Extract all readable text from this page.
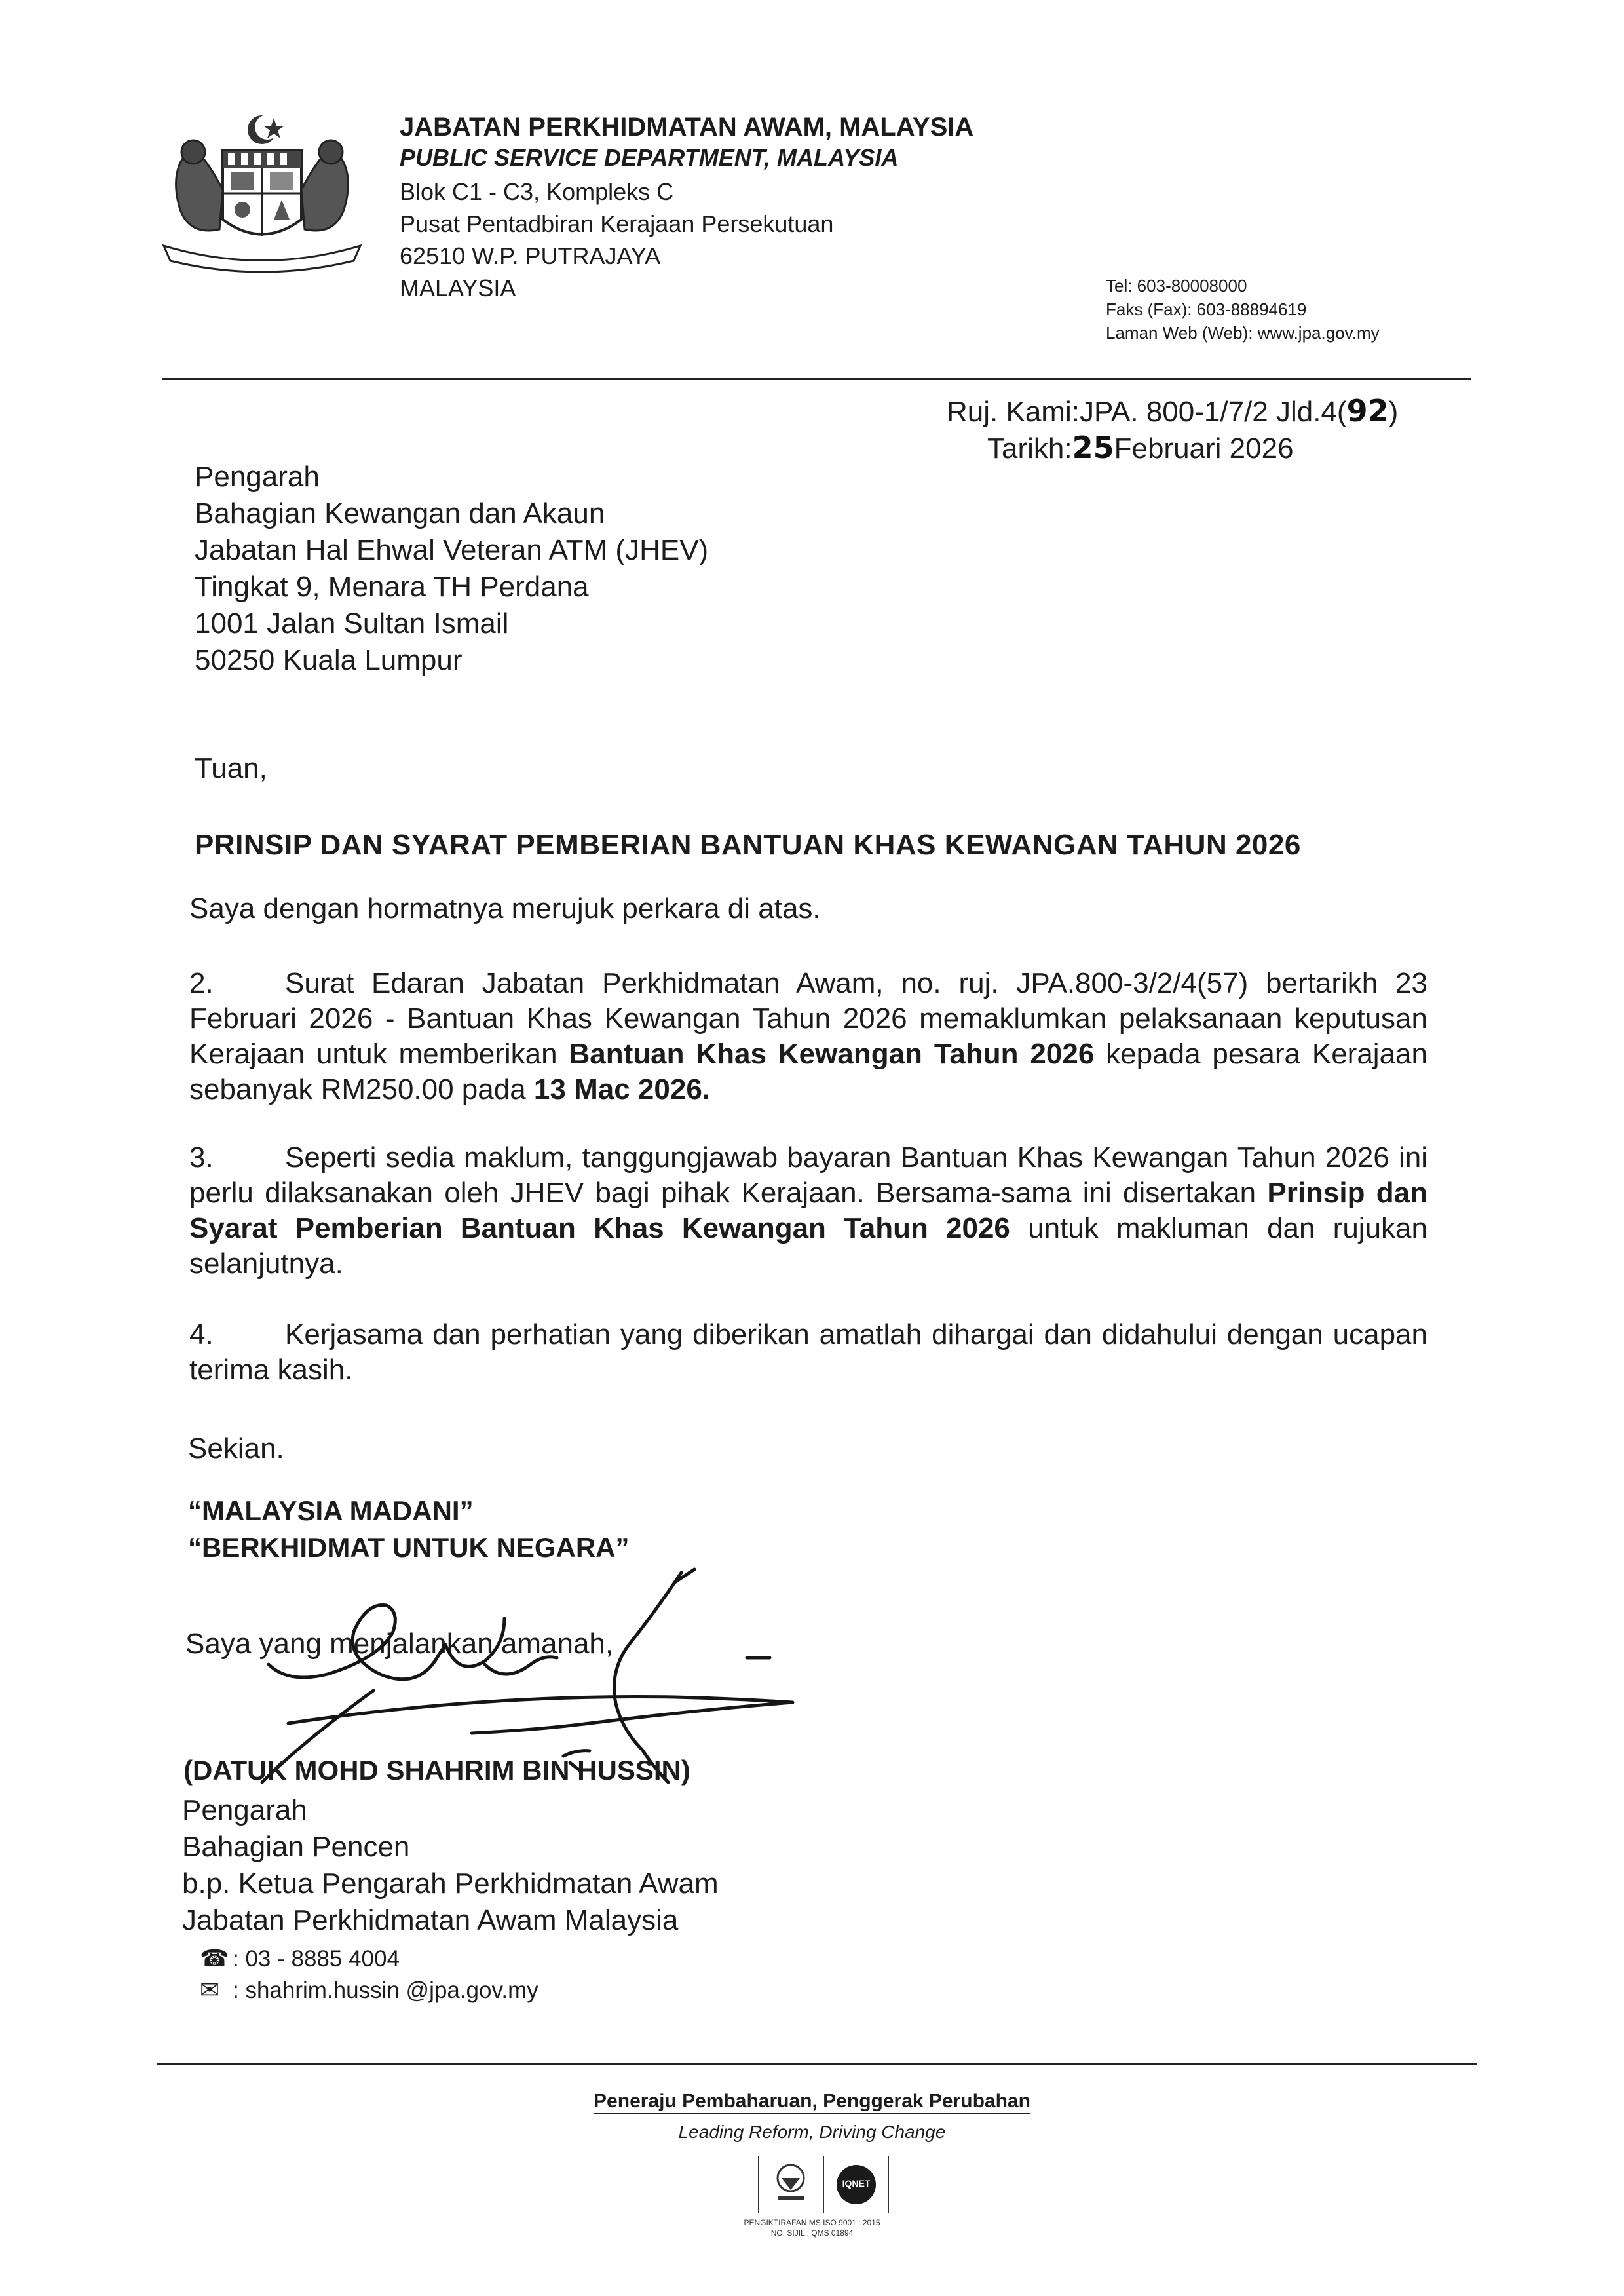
JABATAN PERKHIDMATAN AWAM, MALAYSIA
PUBLIC SERVICE DEPARTMENT, MALAYSIA
Blok C1 - C3, Kompleks C
Pusat Pentadbiran Kerajaan Persekutuan
62510 W.P. PUTRAJAYA
MALAYSIA	Tel: 603-80008000
Faks (Fax): 603-88894619
Laman Web (Web): www.jpa.gov.my
Ruj. Kami:JPA. 800-1/7/2 Jld.4(92)
Tarikh:25Februari 2026
Pengarah
Bahagian Kewangan dan Akaun
Jabatan Hal Ehwal Veteran ATM (JHEV)
Tingkat 9, Menara TH Perdana
1001 Jalan Sultan Ismail
50250 Kuala Lumpur
Tuan,
PRINSIP DAN SYARAT PEMBERIAN BANTUAN KHAS KEWANGAN TAHUN 2026
Saya dengan hormatnya merujuk perkara di atas.
2. Surat Edaran Jabatan Perkhidmatan Awam, no. ruj. JPA.800-3/2/4(57) bertarikh 23 Februari 2026 - Bantuan Khas Kewangan Tahun 2026 memaklumkan pelaksanaan keputusan Kerajaan untuk memberikan Bantuan Khas Kewangan Tahun 2026 kepada pesara Kerajaan sebanyak RM250.00 pada 13 Mac 2026.
3. Seperti sedia maklum, tanggungjawab bayaran Bantuan Khas Kewangan Tahun 2026 ini perlu dilaksanakan oleh JHEV bagi pihak Kerajaan. Bersama-sama ini disertakan Prinsip dan Syarat Pemberian Bantuan Khas Kewangan Tahun 2026 untuk makluman dan rujukan selanjutnya.
4. Kerjasama dan perhatian yang diberikan amatlah dihargai dan didahului dengan ucapan terima kasih.
Sekian.
“MALAYSIA MADANI”
“BERKHIDMAT UNTUK NEGARA”
Saya yang menjalankan amanah,
(DATUK MOHD SHAHRIM BIN HUSSIN)
Pengarah
Bahagian Pencen
b.p. Ketua Pengarah Perkhidmatan Awam
Jabatan Perkhidmatan Awam Malaysia
☎ : 03 - 8885 4004
✉ : shahrim.hussin @jpa.gov.my
Peneraju Pembaharuan, Penggerak Perubahan
Leading Reform, Driving Change
IQNET
PENGIKTIRAFAN MS ISO 9001 : 2015
NO. SIJIL : QMS 01894
